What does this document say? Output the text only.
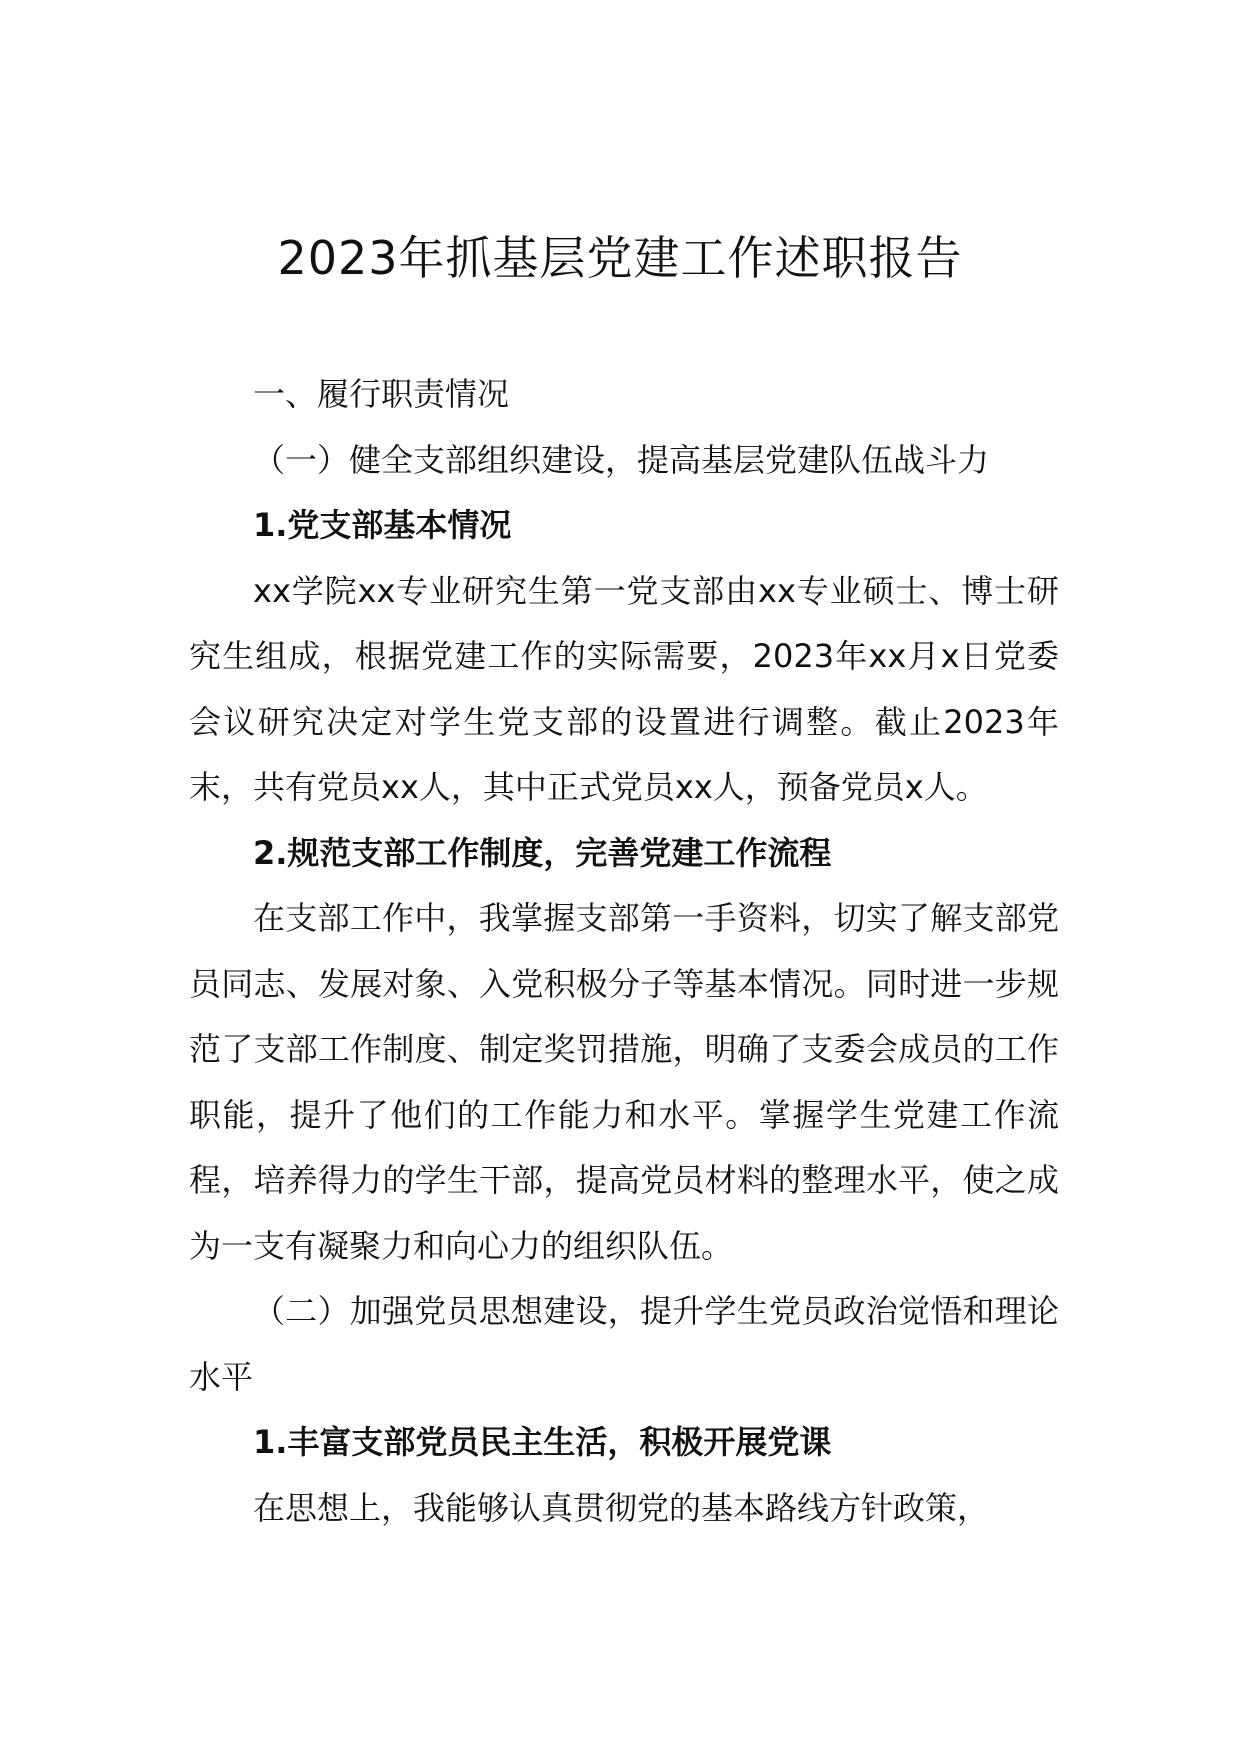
2023年抓基层党建工作述职报告

一、履行职责情况

（一）健全支部组织建设，提高基层党建队伍战斗力

1.党支部基本情况

xx学院xx专业研究生第一党支部由xx专业硕士、博士研究生组成，根据党建工作的实际需要，2023年xx月x日党委会议研究决定对学生党支部的设置进行调整。截止2023年末，共有党员xx人，其中正式党员xx人，预备党员x人。

2.规范支部工作制度，完善党建工作流程

在支部工作中，我掌握支部第一手资料，切实了解支部党员同志、发展对象、入党积极分子等基本情况。同时进一步规范了支部工作制度、制定奖罚措施，明确了支委会成员的工作职能，提升了他们的工作能力和水平。掌握学生党建工作流程，培养得力的学生干部，提高党员材料的整理水平，使之成为一支有凝聚力和向心力的组织队伍。

（二）加强党员思想建设，提升学生党员政治觉悟和理论水平

1.丰富支部党员民主生活，积极开展党课

在思想上，我能够认真贯彻党的基本路线方针政策，
